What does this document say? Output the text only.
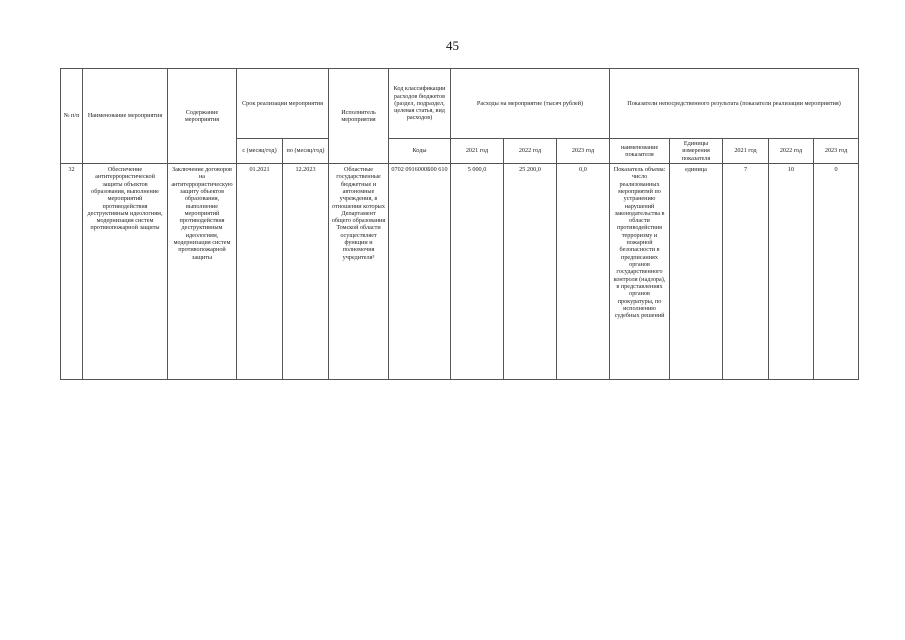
45
№ п/п	Наименование мероприятия	Содержание мероприятия	Срок реализации мероприятия		Исполнитель мероприятия	Код классификации расходов бюджетов (раздел, подраздел, целевая статья, вид расходов)	Расходы на мероприятие (тысяч рублей)			Показатели непосредственного результата (показатели реализации мероприятия)				
			с (месяц/год)	по (месяц/год)		Коды	2021 год	2022 год	2023 год	наименование показателя	Единицы измерения показателя	2021 год	2022 год	2023 год
32	Обеспечение антитеррористической защиты объектов образования, выполнение мероприятий противодействия деструктивным идеологиям, модернизация систем противопожарной защиты	Заключение договоров на антитеррористическую защиту объектов образования, выполнение мероприятий противодействия деструктивным идеологиям, модернизация систем противопожарной защиты	01.2021	12.2023	Областные государственные бюджетные и автономные учреждения, в отношении которых Департамент общего образования Томской области осуществляет функции и полномочия учредителя³	0702 0916000Б00 610	5 000,0	25 200,0	0,0	Показатель объема: число реализованных мероприятий по устранению нарушений законодательства в области противодействия терроризму и пожарной безопасности в предписаниях органов государственного контроля (надзора), в представлениях органов прокуратуры, по исполнению судебных решений	единица	7	10	0
